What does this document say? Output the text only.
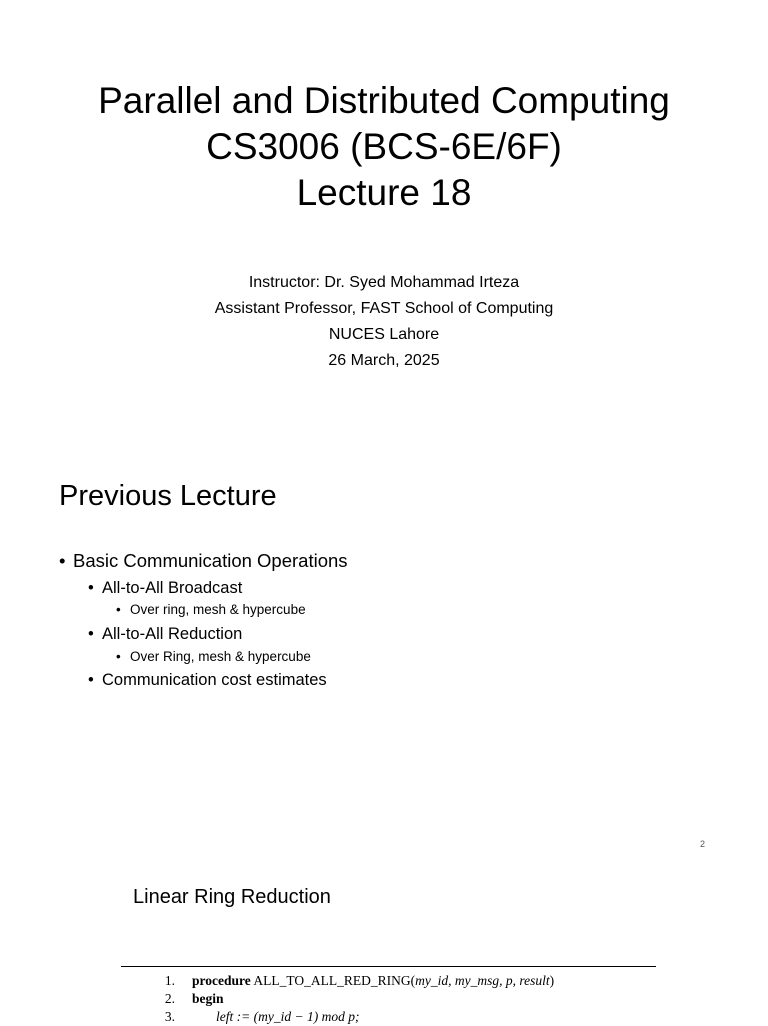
Parallel and Distributed Computing
CS3006 (BCS-6E/6F)
Lecture 18
Instructor: Dr. Syed Mohammad Irteza
Assistant Professor, FAST School of Computing
NUCES Lahore
26 March, 2025
Previous Lecture
• Basic Communication Operations
• All-to-All Broadcast
• Over ring, mesh & hypercube
• All-to-All Reduction
• Over Ring, mesh & hypercube
• Communication cost estimates
2
Linear Ring Reduction
1. procedure ALL_TO_ALL_RED_RING(my_id, my_msg, p, result)
2. begin
3.	left := (my_id − 1) mod p;
